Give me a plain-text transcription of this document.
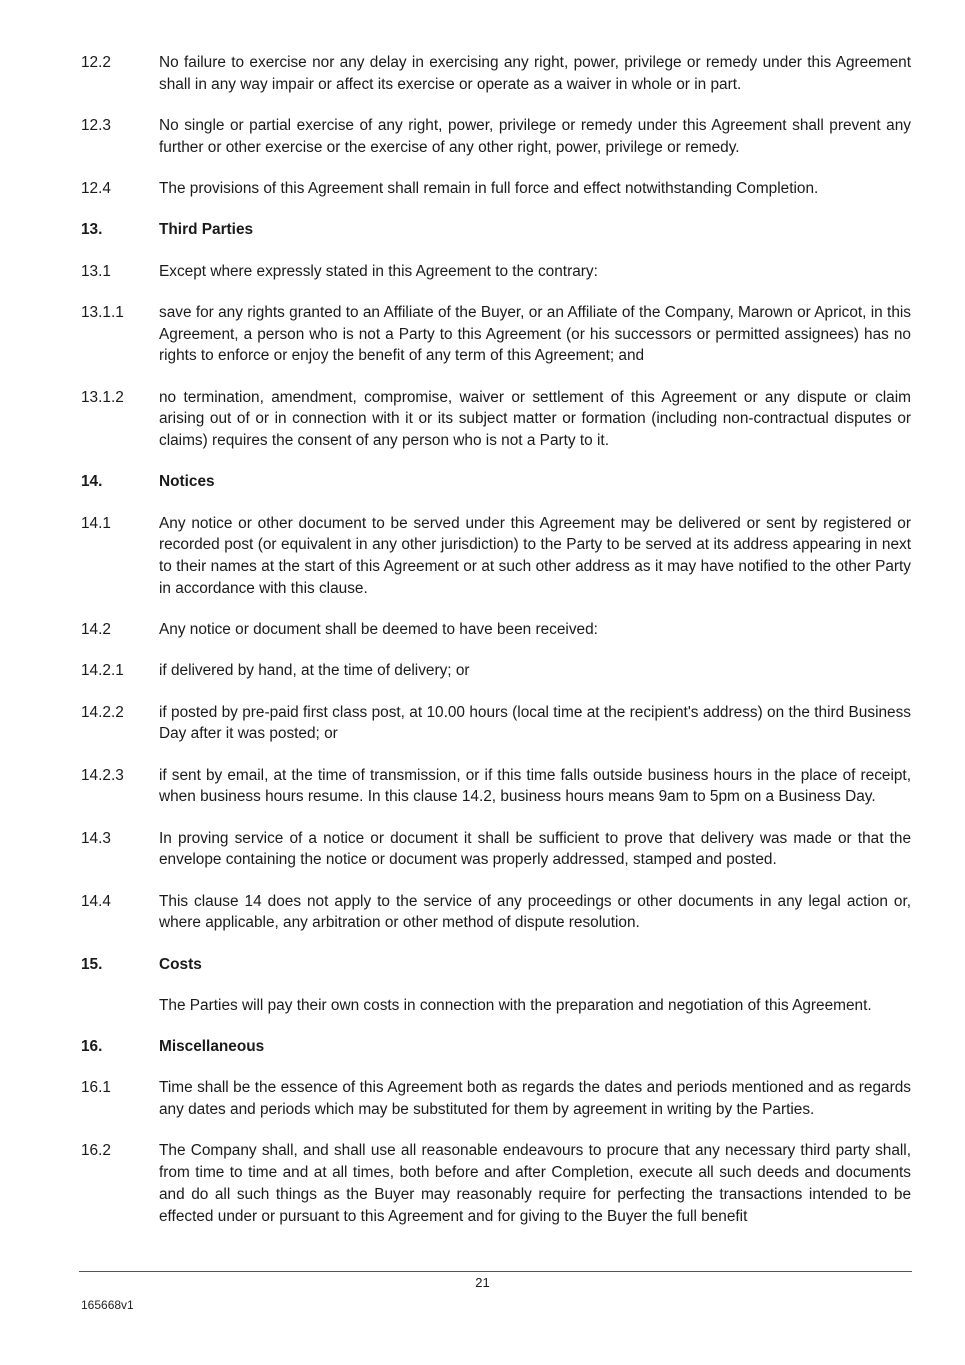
12.2	No failure to exercise nor any delay in exercising any right, power, privilege or remedy under this Agreement shall in any way impair or affect its exercise or operate as a waiver in whole or in part.
12.3	No single or partial exercise of any right, power, privilege or remedy under this Agreement shall prevent any further or other exercise or the exercise of any other right, power, privilege or remedy.
12.4	The provisions of this Agreement shall remain in full force and effect notwithstanding Completion.
13.	Third Parties
13.1	Except where expressly stated in this Agreement to the contrary:
13.1.1	save for any rights granted to an Affiliate of the Buyer, or an Affiliate of the Company, Marown or Apricot, in this Agreement, a person who is not a Party to this Agreement (or his successors or permitted assignees) has no rights to enforce or enjoy the benefit of any term of this Agreement; and
13.1.2	no termination, amendment, compromise, waiver or settlement of this Agreement or any dispute or claim arising out of or in connection with it or its subject matter or formation (including non-contractual disputes or claims) requires the consent of any person who is not a Party to it.
14.	Notices
14.1	Any notice or other document to be served under this Agreement may be delivered or sent by registered or recorded post (or equivalent in any other jurisdiction) to the Party to be served at its address appearing in next to their names at the start of this Agreement or at such other address as it may have notified to the other Party in accordance with this clause.
14.2	Any notice or document shall be deemed to have been received:
14.2.1	if delivered by hand, at the time of delivery; or
14.2.2	if posted by pre-paid first class post, at 10.00 hours (local time at the recipient's address) on the third Business Day after it was posted; or
14.2.3	if sent by email, at the time of transmission, or if this time falls outside business hours in the place of receipt, when business hours resume. In this clause 14.2, business hours means 9am to 5pm on a Business Day.
14.3	In proving service of a notice or document it shall be sufficient to prove that delivery was made or that the envelope containing the notice or document was properly addressed, stamped and posted.
14.4	This clause 14 does not apply to the service of any proceedings or other documents in any legal action or, where applicable, any arbitration or other method of dispute resolution.
15.	Costs
The Parties will pay their own costs in connection with the preparation and negotiation of this Agreement.
16.	Miscellaneous
16.1	Time shall be the essence of this Agreement both as regards the dates and periods mentioned and as regards any dates and periods which may be substituted for them by agreement in writing by the Parties.
16.2	The Company shall, and shall use all reasonable endeavours to procure that any necessary third party shall, from time to time and at all times, both before and after Completion, execute all such deeds and documents and do all such things as the Buyer may reasonably require for perfecting the transactions intended to be effected under or pursuant to this Agreement and for giving to the Buyer the full benefit
21
165668v1
